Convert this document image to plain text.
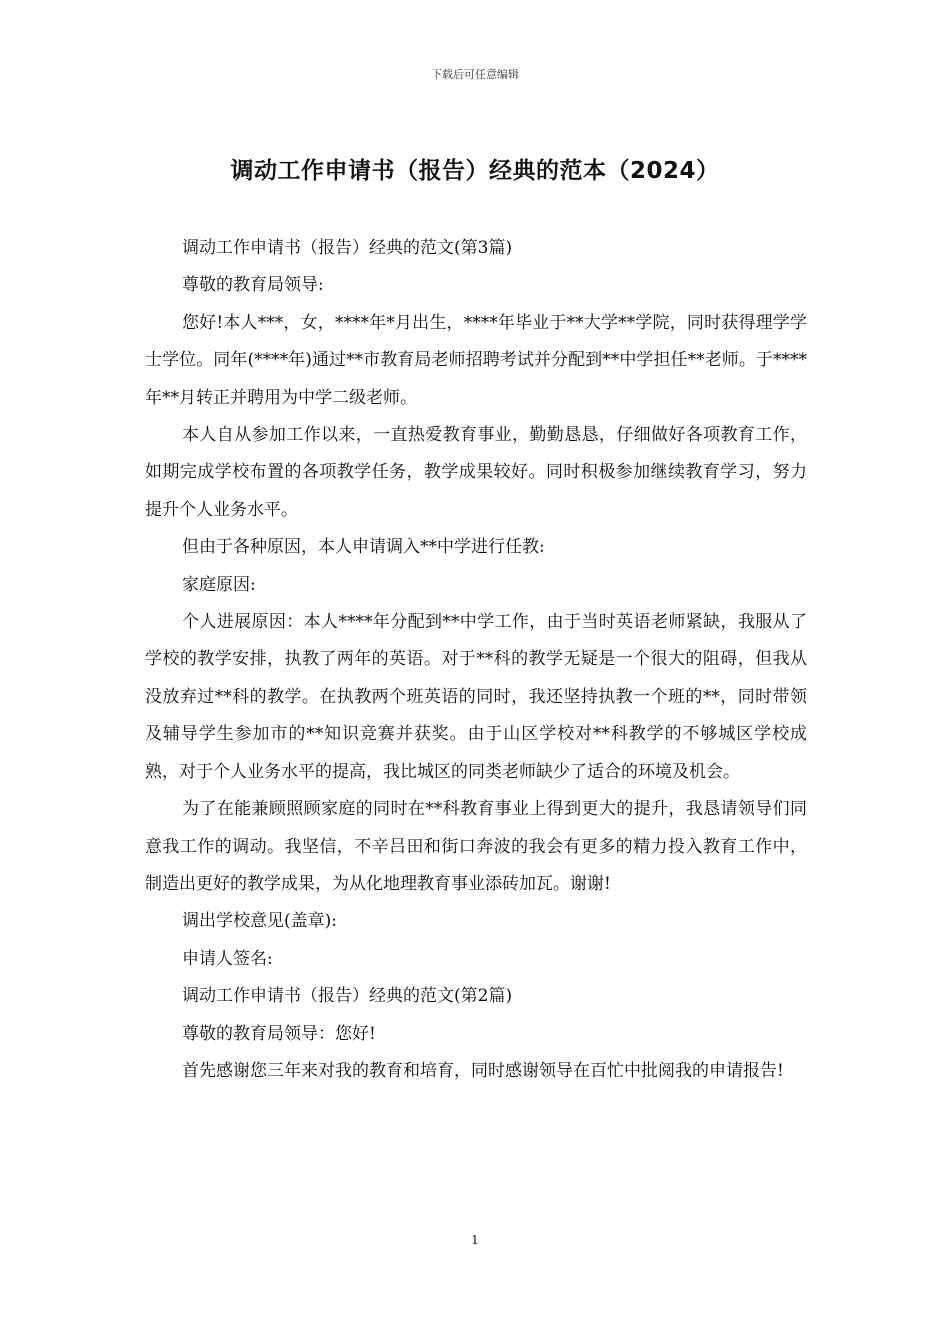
下载后可任意编辑
调动工作申请书（报告）经典的范本（2024）

调动工作申请书（报告）经典的范文(第3篇)

尊敬的教育局领导:

您好!本人***，女，****年*月出生，****年毕业于**大学**学院，同时获得理学学士学位。同年(****年)通过**市教育局老师招聘考试并分配到**中学担任**老师。于****年**月转正并聘用为中学二级老师。

本人自从参加工作以来，一直热爱教育事业，勤勤恳恳，仔细做好各项教育工作，如期完成学校布置的各项教学任务，教学成果较好。同时积极参加继续教育学习，努力提升个人业务水平。

但由于各种原因，本人申请调入**中学进行任教:

家庭原因:

个人进展原因：本人****年分配到**中学工作，由于当时英语老师紧缺，我服从了学校的教学安排，执教了两年的英语。对于**科的教学无疑是一个很大的阻碍，但我从没放弃过**科的教学。在执教两个班英语的同时，我还坚持执教一个班的**，同时带领及辅导学生参加市的**知识竞赛并获奖。由于山区学校对**科教学的不够城区学校成熟，对于个人业务水平的提高，我比城区的同类老师缺少了适合的环境及机会。

为了在能兼顾照顾家庭的同时在**科教育事业上得到更大的提升，我恳请领导们同意我工作的调动。我坚信，不辛吕田和街口奔波的我会有更多的精力投入教育工作中，制造出更好的教学成果，为从化地理教育事业添砖加瓦。谢谢!

调出学校意见(盖章):

申请人签名:

调动工作申请书（报告）经典的范文(第2篇)

尊敬的教育局领导：您好!

首先感谢您三年来对我的教育和培育，同时感谢领导在百忙中批阅我的申请报告!

1
